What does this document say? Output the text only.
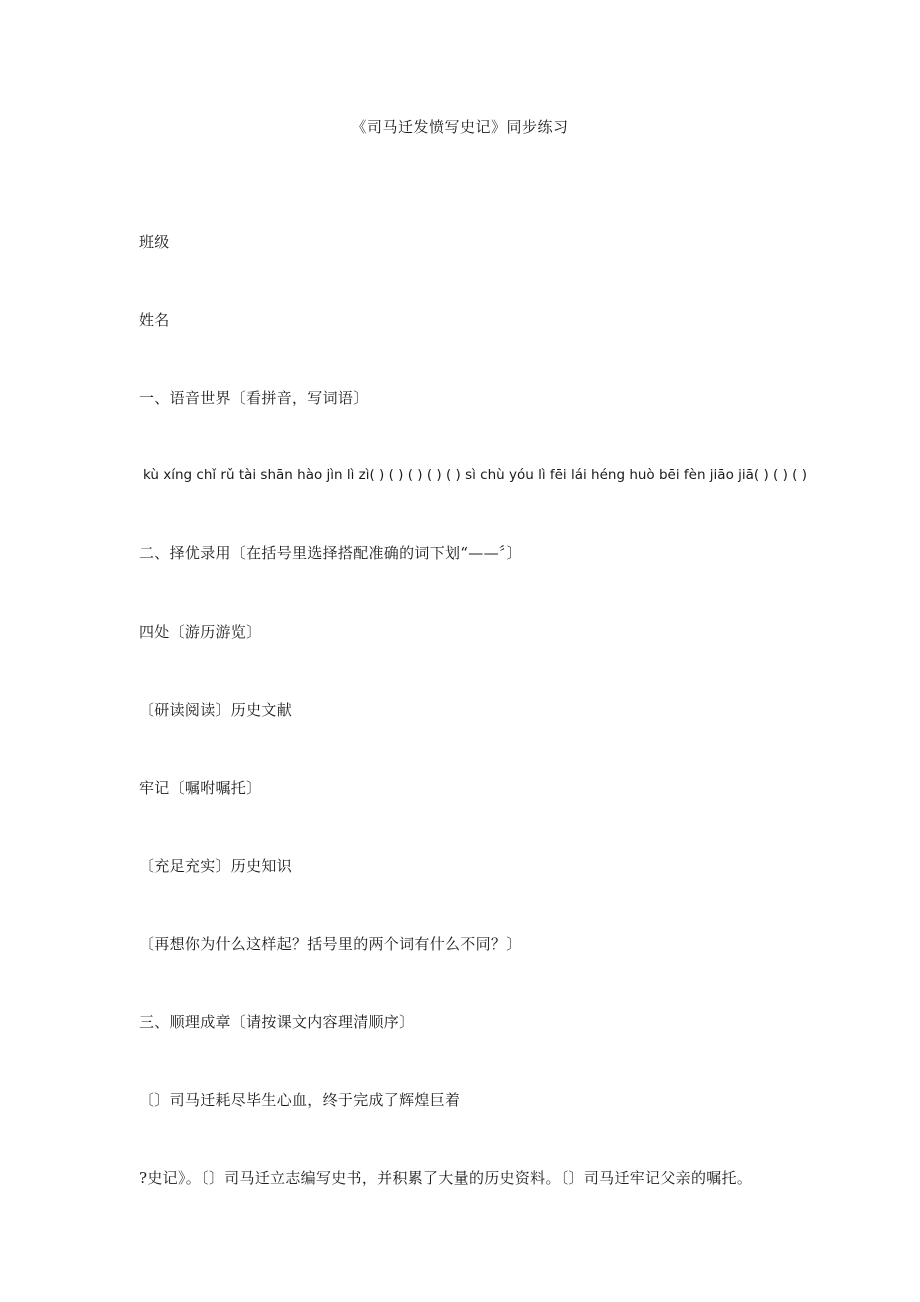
《司马迁发愤写史记》同步练习
班级
姓名
一、语音世界〔看拼音，写词语〕
kù xíng chǐ rǔ tài shān hào jìn lì zì( ) ( ) ( ) ( ) ( ) sì chù yóu lì fēi lái héng huò bēi fèn jiāo jiā( ) ( ) ( )
二、择优录用〔在括号里选择搭配准确的词下划“——〞〕
四处〔游历游览〕
〔研读阅读〕历史文献
牢记〔嘱咐嘱托〕
〔充足充实〕历史知识
〔再想你为什么这样起？括号里的两个词有什么不同？〕
三、顺理成章〔请按课文内容理清顺序〕
〔〕司马迁耗尽毕生心血，终于完成了辉煌巨着
?史记》。〔〕司马迁立志编写史书，并积累了大量的历史资料。〔〕司马迁牢记父亲的嘱托。
